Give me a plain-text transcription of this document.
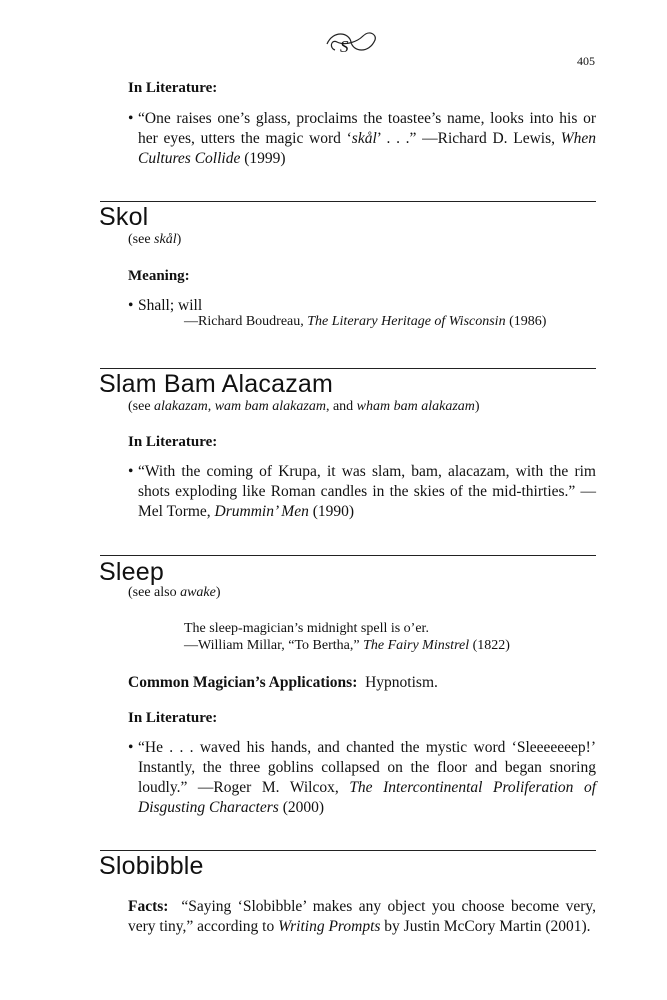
S
405
In Literature:
• “One raises one’s glass, proclaims the toastee’s name, looks into his or her eyes, utters the magic word ‘skål’ . . .” —Richard D. Lewis, When Cultures Collide (1999)
Skol
(see skål)
Meaning:
• Shall; will
—Richard Boudreau, The Literary Heritage of Wisconsin (1986)
Slam Bam Alacazam
(see alakazam, wam bam alakazam, and wham bam alakazam)
In Literature:
• “With the coming of Krupa, it was slam, bam, alacazam, with the rim shots exploding like Roman candles in the skies of the mid-thirties.” —Mel Torme, Drummin’ Men (1990)
Sleep
(see also awake)
The sleep-magician’s midnight spell is o’er.
—William Millar, “To Bertha,” The Fairy Minstrel (1822)
Common Magician’s Applications: Hypnotism.
In Literature:
• “He . . . waved his hands, and chanted the mystic word ‘Sleeeeeeep!’ Instantly, the three goblins collapsed on the floor and began snoring loudly.” —Roger M. Wilcox, The Intercontinental Proliferation of Disgusting Characters (2000)
Slobibble
Facts: “Saying ‘Slobibble’ makes any object you choose become very, very tiny,” according to Writing Prompts by Justin McCory Martin (2001).
